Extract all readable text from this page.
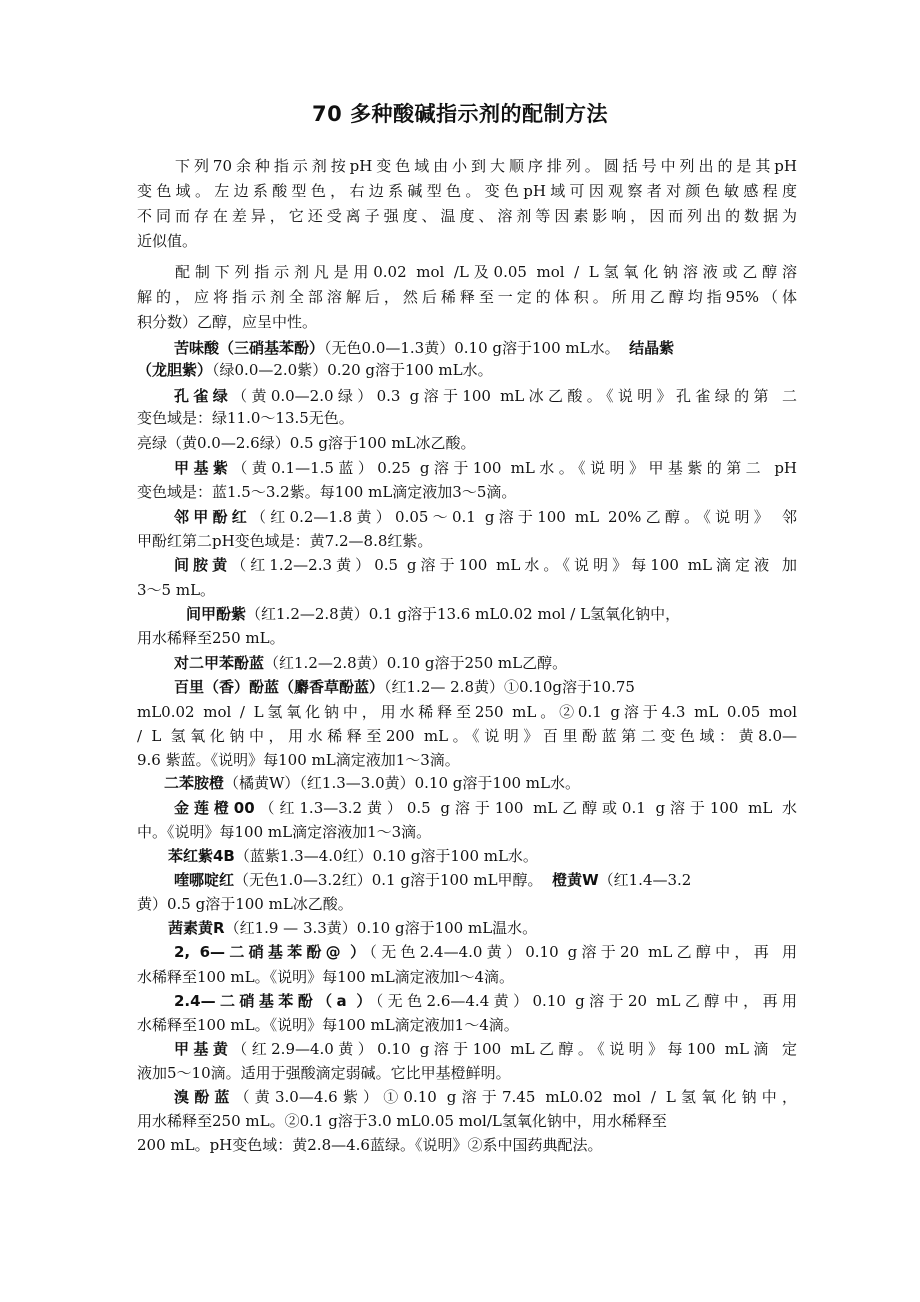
70 多种酸碱指示剂的配制方法
下列70余种指示剂按pH变色域由小到大顺序排列。圆括号中列出的是其pH
变色域。左边系酸型色，右边系碱型色。变色pH域可因观察者对颜色敏感程度
不同而存在差异，它还受离子强度、温度、溶剂等因素影响，因而列出的数据为
近似值。
配制下列指示剂凡是用0.02 mol /L及0.05 mol / L氢氧化钠溶液或乙醇溶
解的，应将指示剂全部溶解后，然后稀释至一定的体积。所用乙醇均指95%（体
积分数）乙醇，应呈中性。
苦味酸（三硝基苯酚）（无色0.0—1.3黄）0.10 g溶于100 mL水。 结晶紫
（龙胆紫）（绿0.0—2.0紫）0.20 g溶于100 mL水。
孔雀绿（黄0.0—2.0绿）0.3 g溶于100 mL冰乙酸。《说明》孔雀绿的第 二
变色域是：绿11.0～13.5无色。
亮绿（黄0.0—2.6绿）0.5 g溶于100 mL冰乙酸。
甲基紫（黄0.1—1.5蓝）0.25 g溶于100 mL水。《说明》甲基紫的第二 pH
变色域是：蓝1.5～3.2紫。每100 mL滴定液加3～5滴。
邻甲酚红（红0.2—1.8黄）0.05～0.1 g溶于100 mL 20%乙醇。《说明》 邻
甲酚红第二pH变色域是：黄7.2—8.8红紫。
间胺黄（红1.2—2.3黄）0.5 g溶于100 mL水。《说明》每100 mL滴定液 加
3～5 mL。
间甲酚紫（红1.2—2.8黄）0.1 g溶于13.6 mL0.02 mol / L氢氧化钠中，
用水稀释至250 mL。
对二甲苯酚蓝（红1.2—2.8黄）0.10 g溶于250 mL乙醇。
百里（香）酚蓝（麝香草酚蓝）（红1.2— 2.8黄）①0.10g溶于10.75
mL0.02 mol / L氢氧化钠中，用水稀释至250 mL。②0.1 g溶于4.3 mL 0.05 mol
/ L 氢氧化钠中，用水稀释至200 mL。《说明》百里酚蓝第二变色域：黄8.0—
9.6 紫蓝。《说明》每100 mL滴定液加1～3滴。
二苯胺橙（橘黄W）（红1.3—3.0黄）0.10 g溶于100 mL水。
金莲橙00（红1.3—3.2黄）0.5 g溶于100 mL乙醇或0.1 g溶于100 mL 水
中。《说明》每100 mL滴定溶液加1～3滴。
苯红紫4B（蓝紫1.3—4.0红）0.10 g溶于100 mL水。
喹哪啶红（无色1.0—3.2红）0.1 g溶于100 mL甲醇。 橙黄W（红1.4—3.2
黄）0.5 g溶于100 mL冰乙酸。
茜素黄R（红1.9 — 3.3黄）0.10 g溶于100 mL温水。
2, 6—二硝基苯酚@ ）（无色2.4—4.0黄）0.10 g溶于20 mL乙醇中，再 用
水稀释至100 mL。《说明》每100 mL滴定液加l～4滴。
2.4—二硝基苯酚（a ）（无色2.6—4.4黄）0.10 g溶于20 mL乙醇中，再用
水稀释至100 mL。《说明》每100 mL滴定液加1～4滴。
甲基黄（红2.9—4.0黄）0.10 g溶于100 mL乙醇。《说明》每100 mL滴 定
液加5～10滴。适用于强酸滴定弱碱。它比甲基橙鲜明。
溴酚蓝（黄3.0—4.6紫）①0.10 g溶于7.45 mL0.02 mol / L氢氧化钠中，
用水稀释至250 mL。②0.1 g溶于3.0 mL0.05 mol/L氢氧化钠中，用水稀释至
200 mL。pH变色域：黄2.8—4.6蓝绿。《说明》②系中国药典配法。
